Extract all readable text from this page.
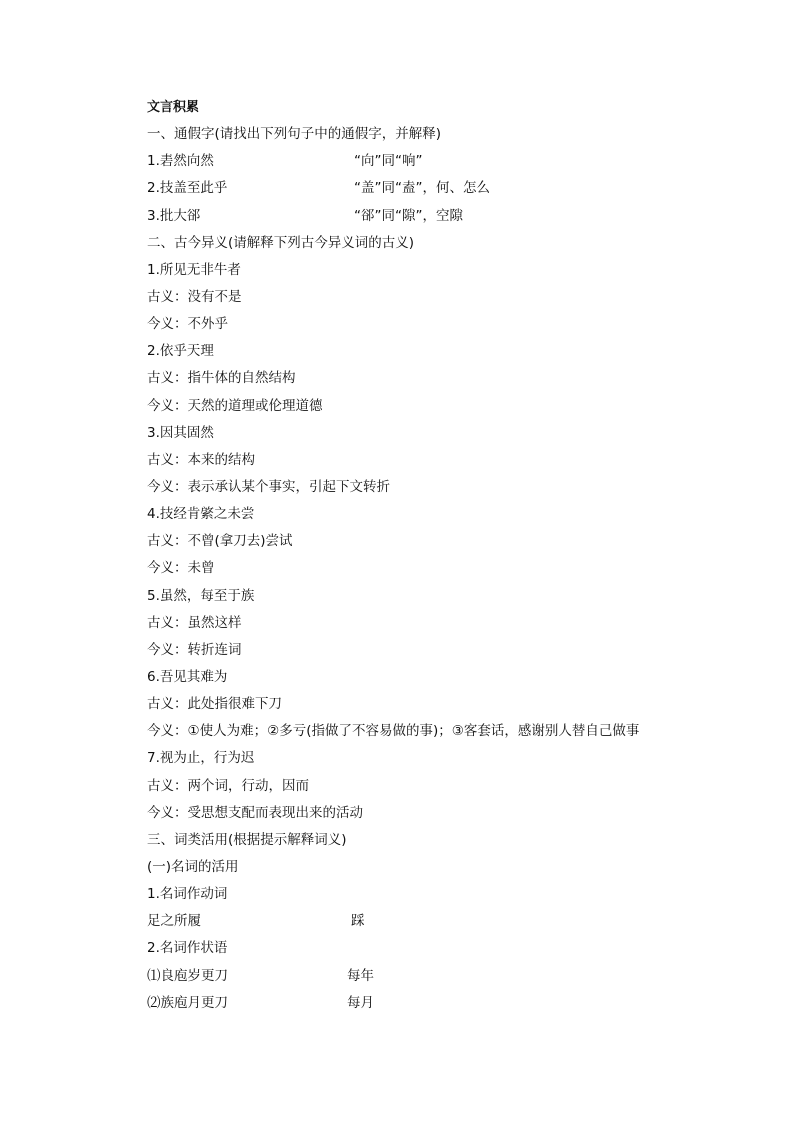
文言积累
一、通假字(请找出下列句子中的通假字，并解释)
1.砉然向然	“向”同“响”
2.技盖至此乎	“盖”同“盍”，何、怎么
3.批大郤	“郤”同“隙”，空隙
二、古今异义(请解释下列古今异义词的古义)
1.所见无非牛者
古义：没有不是
今义：不外乎
2.依乎天理
古义：指牛体的自然结构
今义：天然的道理或伦理道德
3.因其固然
古义：本来的结构
今义：表示承认某个事实，引起下文转折
4.技经肯綮之未尝
古义：不曾(拿刀去)尝试
今义：未曾
5.虽然，每至于族
古义：虽然这样
今义：转折连词
6.吾见其难为
古义：此处指很难下刀
今义：①使人为难；②多亏(指做了不容易做的事)；③客套话，感谢别人替自己做事
7.视为止，行为迟
古义：两个词，行动，因而
今义：受思想支配而表现出来的活动
三、词类活用(根据提示解释词义)
(一)名词的活用
1.名词作动词
足之所履	踩
2.名词作状语
⑴良庖岁更刀	每年
⑵族庖月更刀	每月
